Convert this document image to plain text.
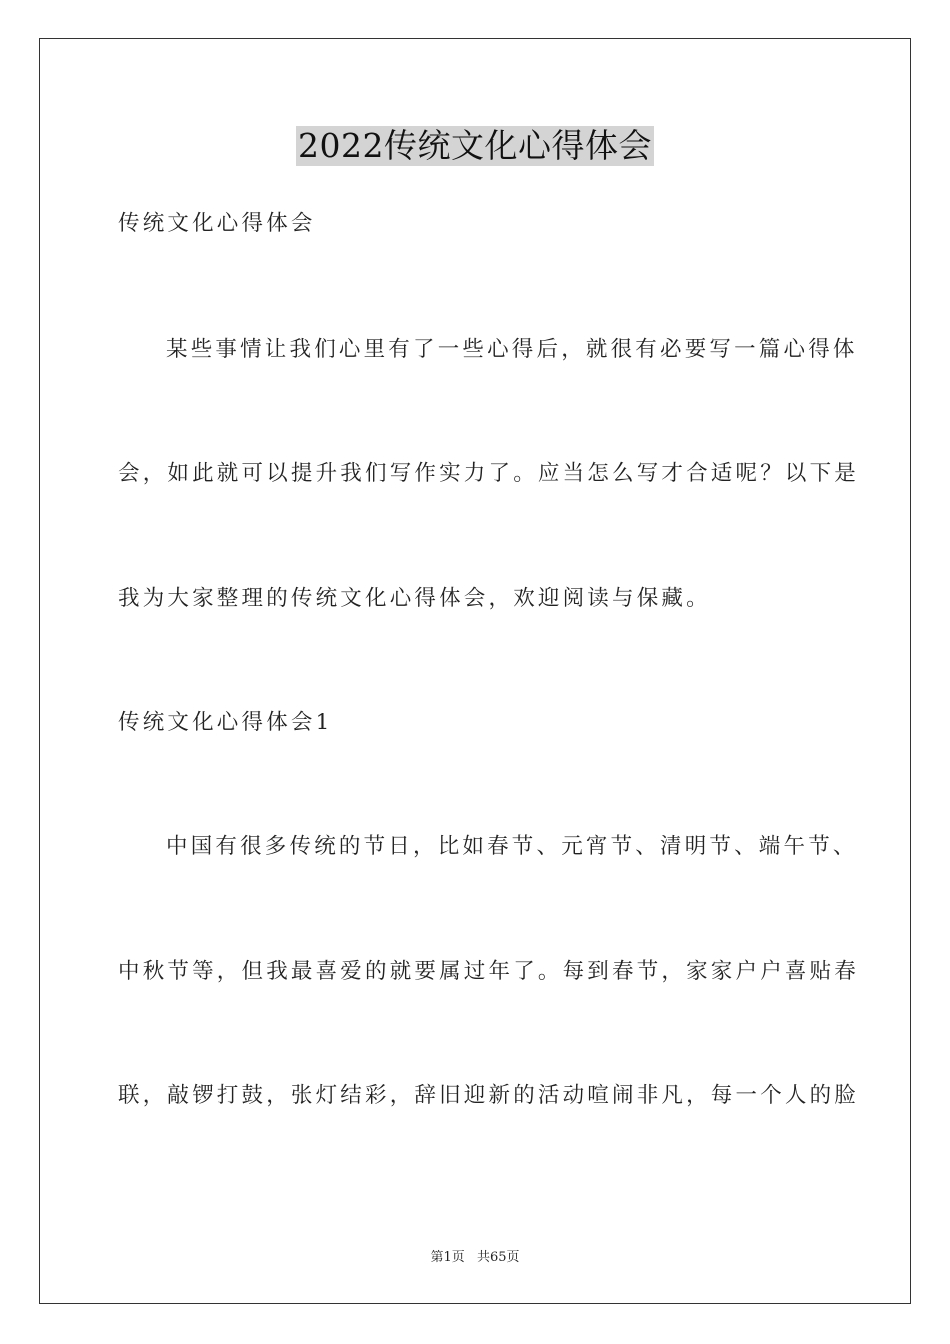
2022传统文化心得体会
传统文化心得体会
某些事情让我们心里有了一些心得后，就很有必要写一篇心得体
会，如此就可以提升我们写作实力了。应当怎么写才合适呢？以下是
我为大家整理的传统文化心得体会，欢迎阅读与保藏。
传统文化心得体会1
中国有很多传统的节日，比如春节、元宵节、清明节、端午节、
中秋节等，但我最喜爱的就要属过年了。每到春节，家家户户喜贴春
联，敲锣打鼓，张灯结彩，辞旧迎新的活动喧闹非凡，每一个人的脸
第1页 共65页
